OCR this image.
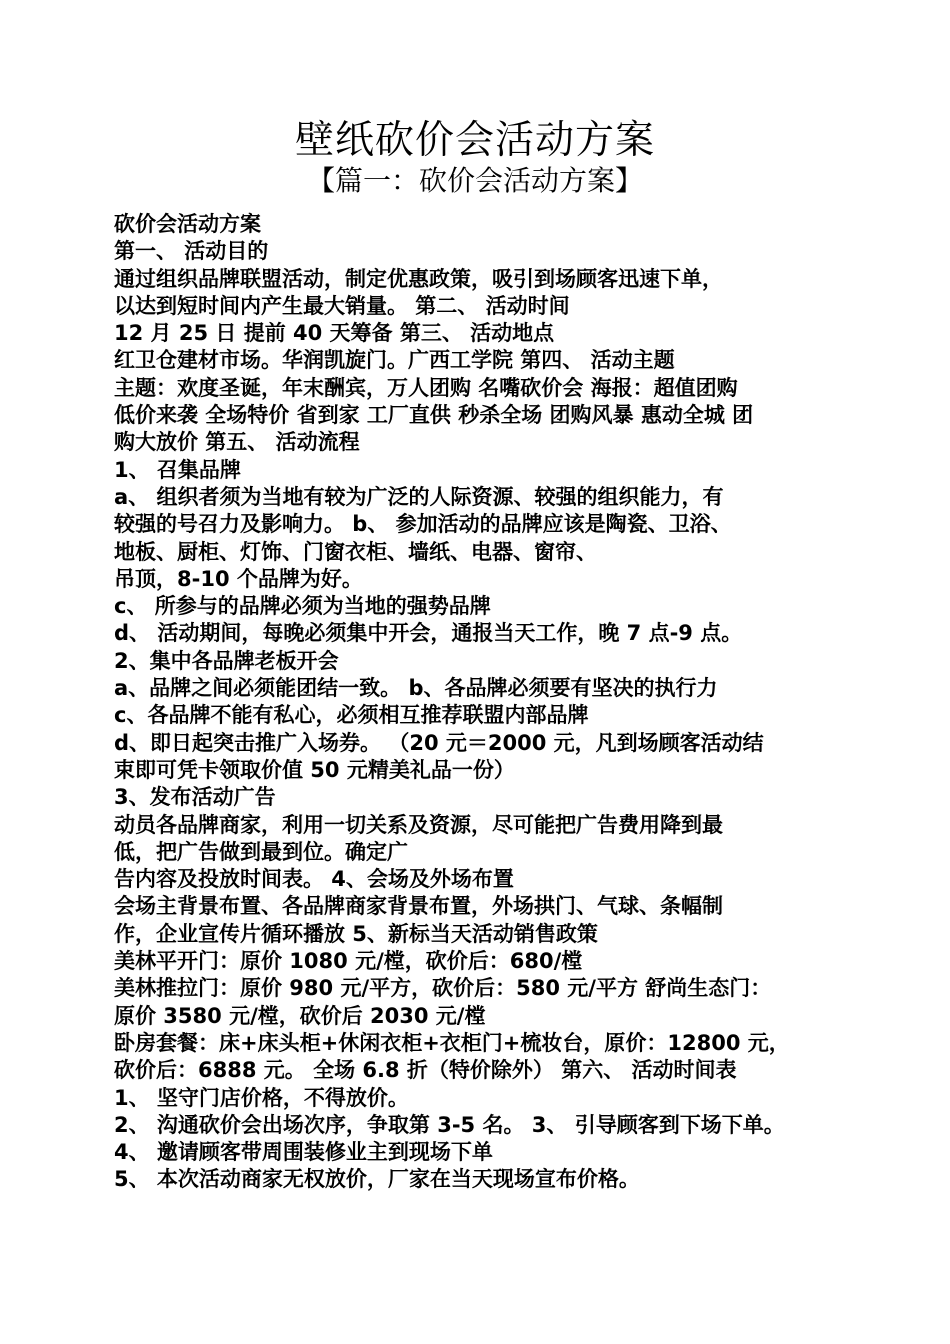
壁纸砍价会活动方案
【篇一：砍价会活动方案】
砍价会活动方案
第一、 活动目的
通过组织品牌联盟活动，制定优惠政策，吸引到场顾客迅速下单，
以达到短时间内产生最大销量。 第二、 活动时间
12 月 25 日 提前 40 天筹备 第三、 活动地点
红卫仓建材市场。华润凯旋门。广西工学院 第四、 活动主题
主题：欢度圣诞，年末酬宾，万人团购 名嘴砍价会 海报：超值团购
低价来袭 全场特价 省到家 工厂直供 秒杀全场 团购风暴 惠动全城 团
购大放价 第五、 活动流程
1、 召集品牌
a、 组织者须为当地有较为广泛的人际资源、较强的组织能力，有
较强的号召力及影响力。 b、 参加活动的品牌应该是陶瓷、卫浴、
地板、厨柜、灯饰、门窗衣柜、墙纸、电器、窗帘、
吊顶，8-10 个品牌为好。
c、 所参与的品牌必须为当地的强势品牌
d、 活动期间，每晚必须集中开会，通报当天工作，晚 7 点-9 点。
2、集中各品牌老板开会
a、品牌之间必须能团结一致。 b、各品牌必须要有坚决的执行力
c、各品牌不能有私心，必须相互推荐联盟内部品牌
d、即日起突击推广入场券。 （20 元＝2000 元，凡到场顾客活动结
束即可凭卡领取价值 50 元精美礼品一份）
3、发布活动广告
动员各品牌商家，利用一切关系及资源，尽可能把广告费用降到最
低，把广告做到最到位。确定广
告内容及投放时间表。 4、会场及外场布置
会场主背景布置、各品牌商家背景布置，外场拱门、气球、条幅制
作，企业宣传片循环播放 5、新标当天活动销售政策
美林平开门：原价 1080 元/樘，砍价后：680/樘
美林推拉门：原价 980 元/平方，砍价后：580 元/平方 舒尚生态门：
原价 3580 元/樘，砍价后 2030 元/樘
卧房套餐：床+床头柜+休闲衣柜+衣柜门+梳妆台，原价：12800 元，
砍价后：6888 元。 全场 6.8 折（特价除外） 第六、 活动时间表
1、 坚守门店价格，不得放价。
2、 沟通砍价会出场次序，争取第 3-5 名。 3、 引导顾客到下场下单。
4、 邀请顾客带周围装修业主到现场下单
5、 本次活动商家无权放价，厂家在当天现场宣布价格。
